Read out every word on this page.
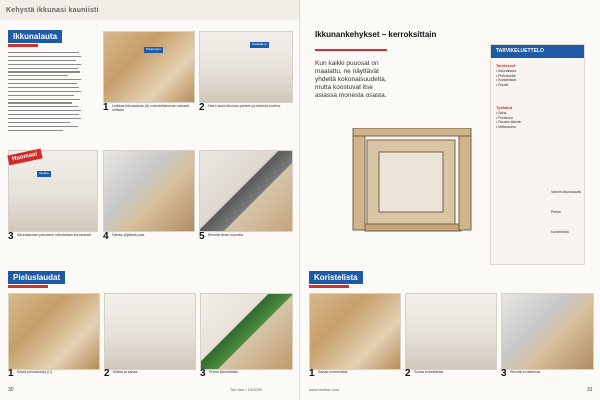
Kehystä ikkunasi kauniisti
Ikkunalauta
Pohja kipsi
Istukkalevy
1 Leikkaa ikkunalauta (A) mahdollisimman tarkasti mittaan.	2 Hiero lauta ikkunan-pieleen ja tarkista sovitus.
Istukka
Huomaa!
3 Ikkunalaudan pituuteen mitoitetaan korvaukset. 4 Sahaa ylijäämä pois.	5 Kiinnitä lauta ruuveilla.
Pieluslaudat
1 Käytä pielusledoja (C).	2 Mittaa ja sahaa.	3 Pielus kiinnitetään.
30	Tee Itse • 10/2009
Ikkunankehykset – kerroksittain
Kun kaikki puuosat on maalattu, ne näyttävät yhdeltä kokonaisuudelta, mutta koostuvat itse asiassa monesta osasta.
TARVIKELUETTELO
Tarvikkeet
• Ikkunalauta
• Pielulaudat
• Koristelistat
• Ruuvit
Työkalut
• Saha
• Porakone
• Ruuvinväännin
• Mittanauha
Valmis ikkunalauta
Pielus
Koristelista
Koristelista
1 Sahaa koristelistat.	2 Sovita koristelistat.	3 Kiinnitä koristelista.
www.teeitse.com	31
